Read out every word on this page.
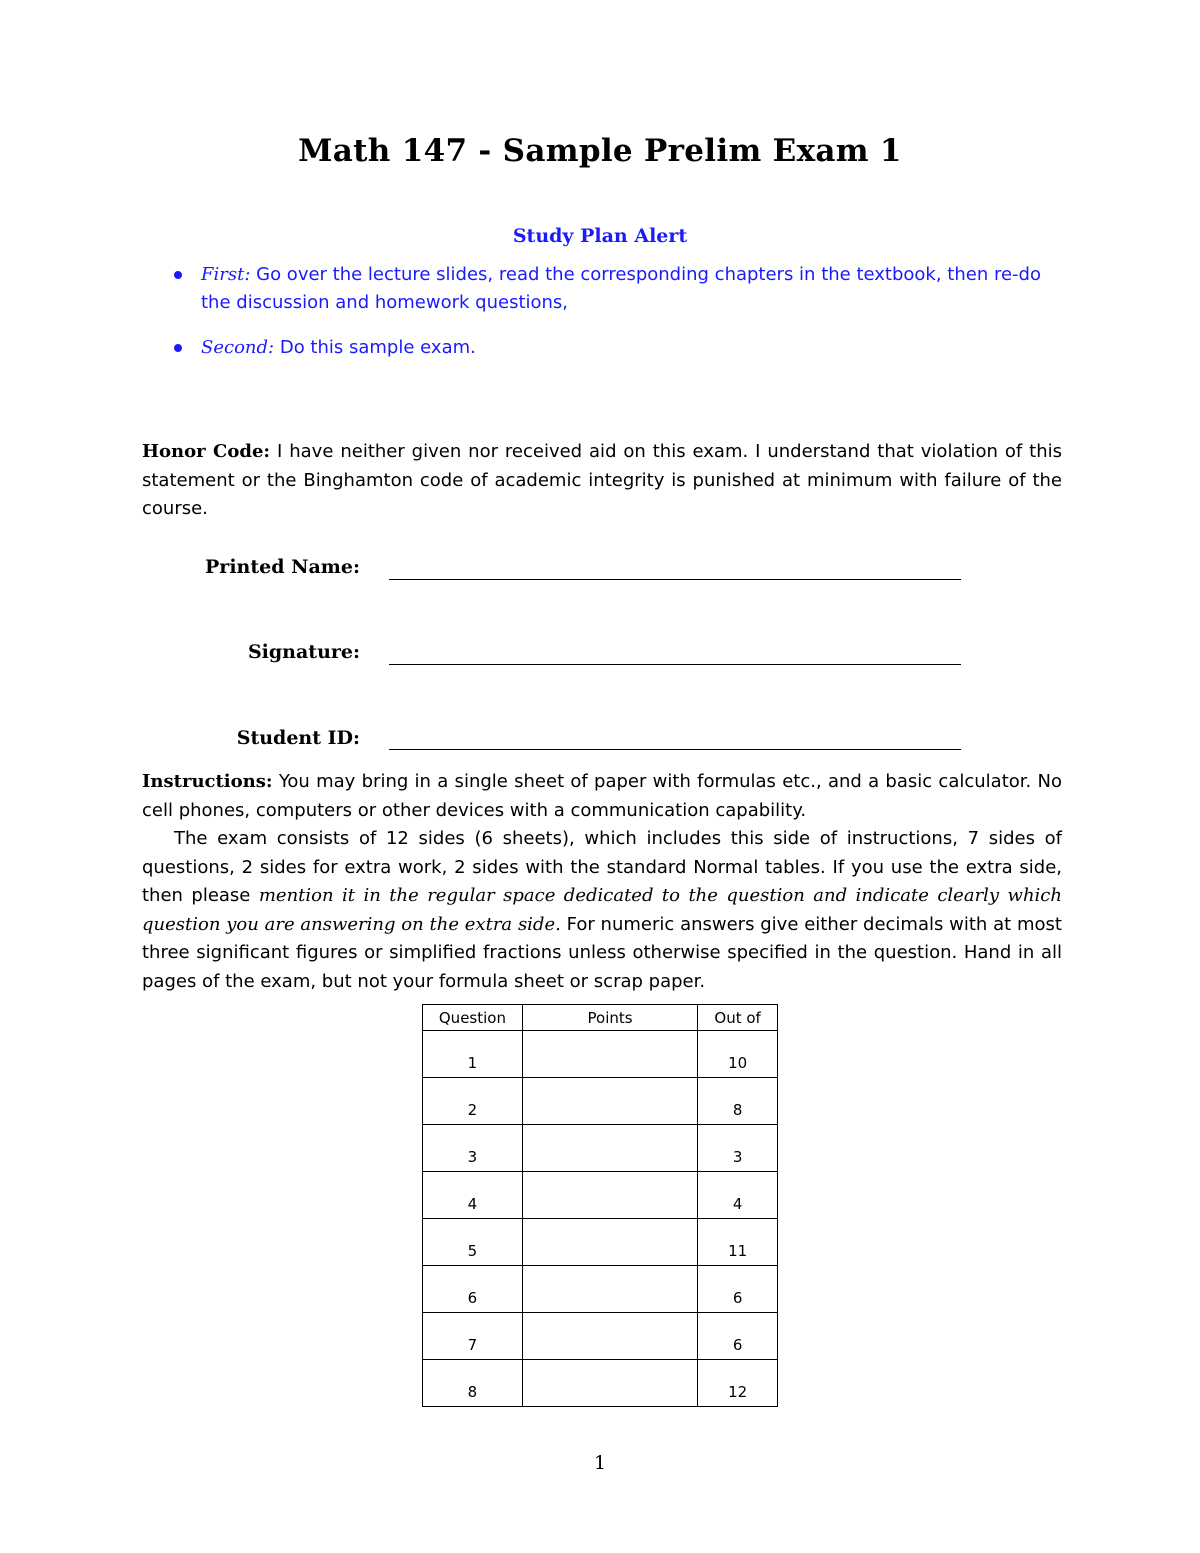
Math 147 - Sample Prelim Exam 1
Study Plan Alert
First: Go over the lecture slides, read the corresponding chapters in the textbook, then re-do the discussion and homework questions,
Second: Do this sample exam.
Honor Code: I have neither given nor received aid on this exam. I understand that violation of this statement or the Binghamton code of academic integrity is punished at minimum with failure of the course.
Printed Name:
Signature:
Student ID:

Instructions: You may bring in a single sheet of paper with formulas etc., and a basic calculator. No cell phones, computers or other devices with a communication capability.

The exam consists of 12 sides (6 sheets), which includes this side of instructions, 7 sides of questions, 2 sides for extra work, 2 sides with the standard Normal tables. If you use the extra side, then please mention it in the regular space dedicated to the question and indicate clearly which question you are answering on the extra side. For numeric answers give either decimals with at most three significant figures or simplified fractions unless otherwise specified in the question. Hand in all pages of the exam, but not your formula sheet or scrap paper.

Question	Points	Out of
1		10
2		8
3		3
4		4
5		11
6		6
7		6
8		12
1
